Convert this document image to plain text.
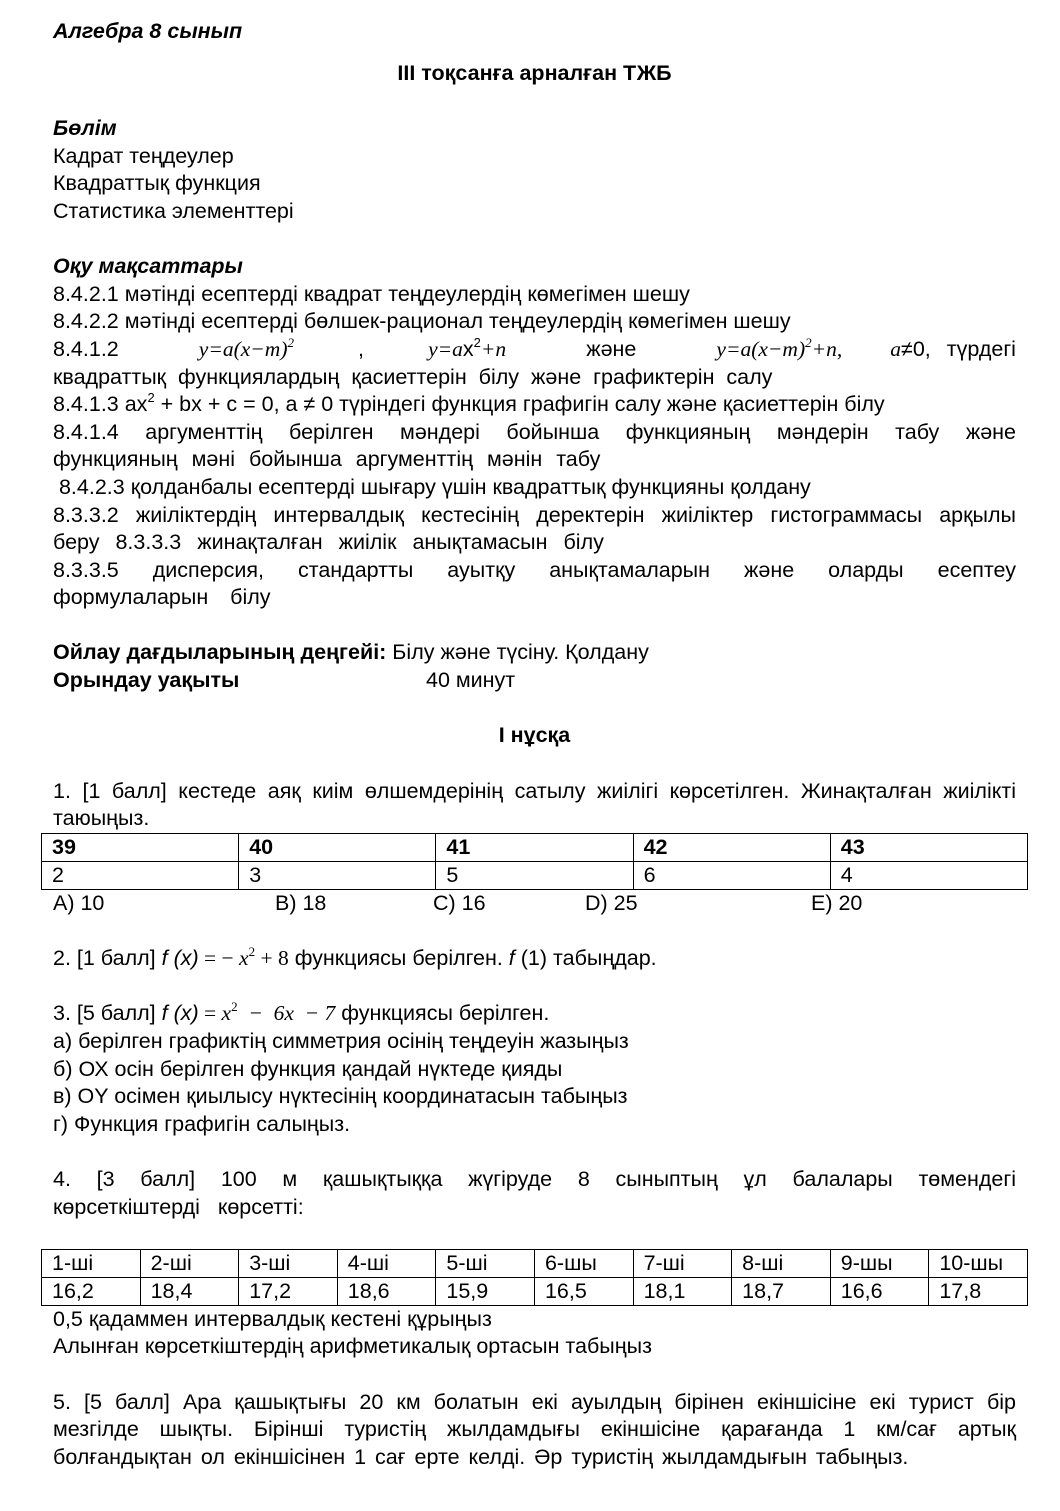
Алгебра 8 сынып
III тоқсанға арналған ТЖБ
Бөлім
Кадрат теңдеулер
Квадраттық функция
Статистика элементтері
Оқу мақсаттары
8.4.2.1 мәтінді есептерді квадрат теңдеулердің көмегімен шешу
8.4.2.2 мәтінді есептерді бөлшек-рационал теңдеулердің көмегімен шешу
8.4.1.2	$y=a(x-m)^2$	,	$y=ax^2+n$	және	$y=a(x-m)^2+n$, a≠0, түрдегі квадраттық функциялардың қасиеттерін білу және графиктерін салу
8.4.1.3 $ax^2$ + bx + c = 0, a ≠ 0 түріндегі функция графигін салу және қасиеттерін білу
8.4.1.4 аргументтің берілген мәндері бойынша функцияның мәндерін табу және функцияның мәні бойынша аргументтің мәнін табу
8.4.2.3 қолданбалы есептерді шығару үшін квадраттық функцияны қолдану
8.3.3.2 жиіліктердің интервалдық кестесінің деректерін жиіліктер гистограммасы арқылы беру 8.3.3.3 жинақталған жиілік анықтамасын білу
8.3.3.5 дисперсия, стандартты ауытқу анықтамаларын және оларды есептеу формулаларын білу
Ойлау дағдыларының деңгейі: Білу және түсіну. Қолдану
Орындау уақыты	40 минут
I нұсқа
1. [1 балл] кестеде аяқ киім өлшемдерінің сатылу жиілігі көрсетілген. Жинақталған жиілікті таюыңыз.
39	40	41	42	43
2	3	5	6	4
A) 10	B) 18	C) 16	D) 25	E) 20
2. [1 балл] f (x) = − $x^2 + 8$ функциясы берілген. f (1) табыңдар.
3. [5 балл] f $(x) = x^2 - 6x - 7$ функциясы берілген.
а) берілген графиктің симметрия осінің теңдеуін жазыңыз
б) ОХ осін берілген функция қандай нүктеде қияды
в) ОY осімен қиылысу нүктесінің координатасын табыңыз
г) Функция графигін салыңыз.
4. [3 балл] 100 м қашықтыққа жүгіруде 8 сыныптың ұл балалары төмендегі көрсеткіштерді көрсетті:
1-ші	2-ші	3-ші	4-ші	5-ші	6-шы	7-ші	8-ші	9-шы	10-шы
16,2	18,4	17,2	18,6	15,9	16,5	18,1	18,7	16,6	17,8
0,5 қадаммен интервалдық кестені құрыңыз
Алынған көрсеткіштердің арифметикалық ортасын табыңыз
5. [5 балл] Ара қашықтығы 20 км болатын екі ауылдың бірінен екіншісіне екі турист бір мезгілде шықты. Бірінші туристің жылдамдығы екіншісіне қарағанда 1 км/сағ артық болғандықтан ол екіншісінен 1 сағ ерте келді. Әр туристің жылдамдығын табыңыз.
